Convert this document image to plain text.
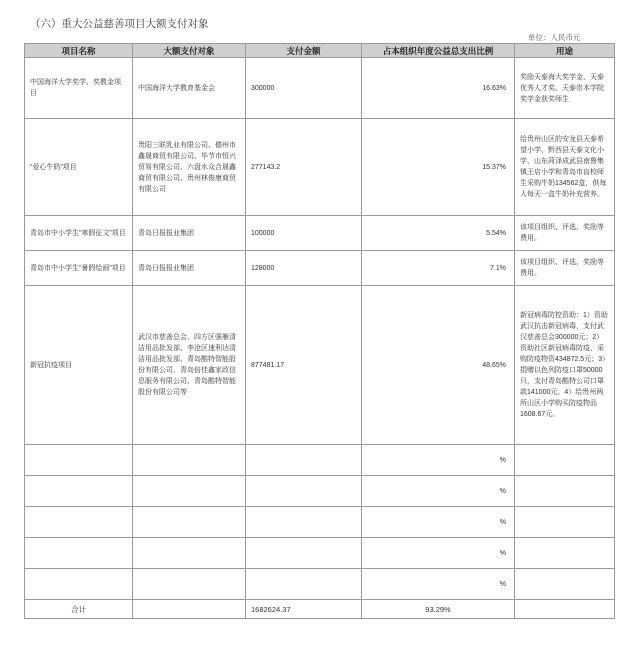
（六）重大公益慈善项目大额支付对象
单位：人民币元
项目名称	大额支付对象	支付金额	占本组织年度公益总支出比例	用途
中国海洋大学奖学、奖教金项目	中国海洋大学教育基金会	300000	16.63%	奖励天泰海大奖学金、天泰优秀人才奖、天泰崇本学院奖学金获奖师生
“爱心牛奶”项目	贵阳三联乳业有限公司、德州市鑫晟商贸有限公司、毕节市恒兴贸易有限公司、六盘水众合晟鑫商贸有限公司、贵州林俊康商贸有限公司	277143.2	15.37%	给贵州山区的安龙县天泰希望小学、黔西县天泰文化小学、山东菏泽成武县南鲁集镇王店小学和青岛市盲校师生采购牛奶134562盒，供每人每天一盒牛奶补充营养。
青岛市中小学生“寒假征文”项目	青岛日报报业集团	100000	5.54%	该项目组织、评选、奖励等费用。
青岛市中小学生“暑假绘画”项目	青岛日报报业集团	128000	7.1%	该项目组织、评选、奖励等费用。
新冠抗疫项目	武汉市慈善总会、四方区强雁清洁用品批发部、李沧区速利达清洁用品批发部、青岛酷特智能股份有限公司、青岛倍佳鑫家政信息服务有限公司、青岛酷特智能股份有限公司等	877481.17	48.65%	新冠病毒防控资助：1）资助武汉抗击新冠病毒，支付武汉慈善总会300000元；2）资助社区新冠病毒防疫，采购防疫物资434872.5元；3）捐赠以色列防疫口罩50000只，支付青岛酷特公司口罩款141000元。4）给贵州两所山区小学购买防疫物品1608.67元。
			%	
			%	
			%	
			%	
			%	
合计		1682624.37	93.29%	
